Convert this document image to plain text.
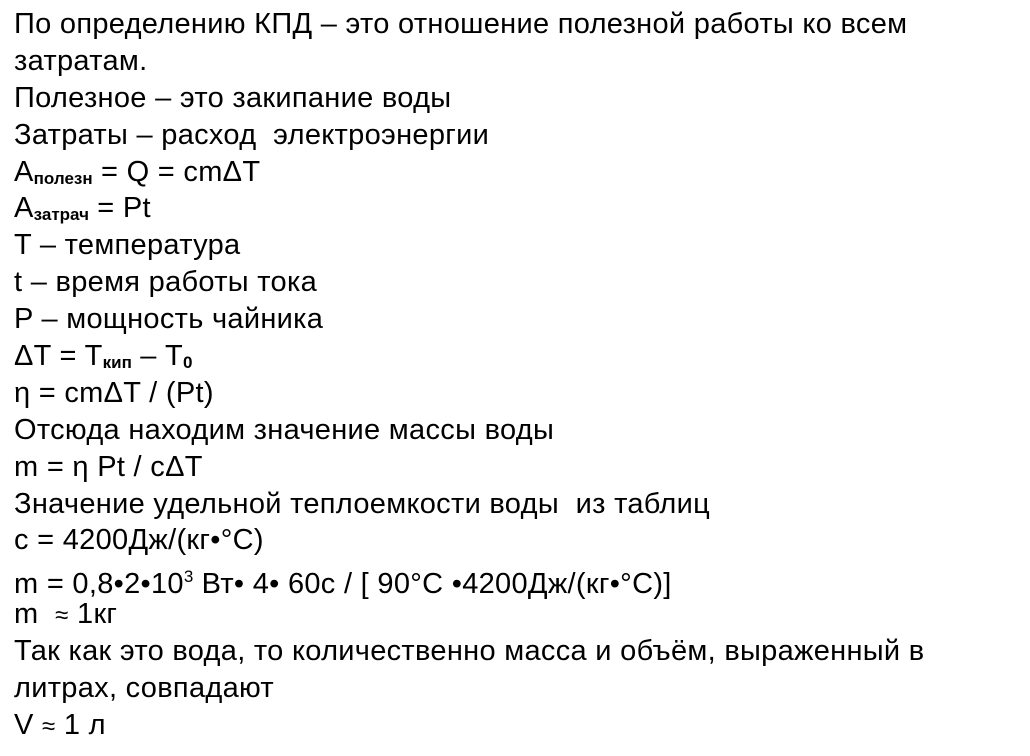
По определению КПД – это отношение полезной работы ко всем
затратам.
Полезное – это закипание воды
Затраты – расход  электроэнергии
Аполезн = Q = cmΔT
Азатрач = Pt
T – температура
t – время работы тока
P – мощность чайника
ΔT = Tкип – T0
η = cmΔT / (Pt)
Отсюда находим значение массы воды
m = η Pt / cΔT
Значение удельной теплоемкости воды  из таблиц
c = 4200Дж/(кг•°С)
$m = 0,8•2•10^3$ Вт• 4• 60с / [ 90°С •4200Дж/(кг•°С)]
m  ≈ 1кг
Так как это вода, то количественно масса и объём, выраженный в
литрах, совпадают
V ≈ 1 л
